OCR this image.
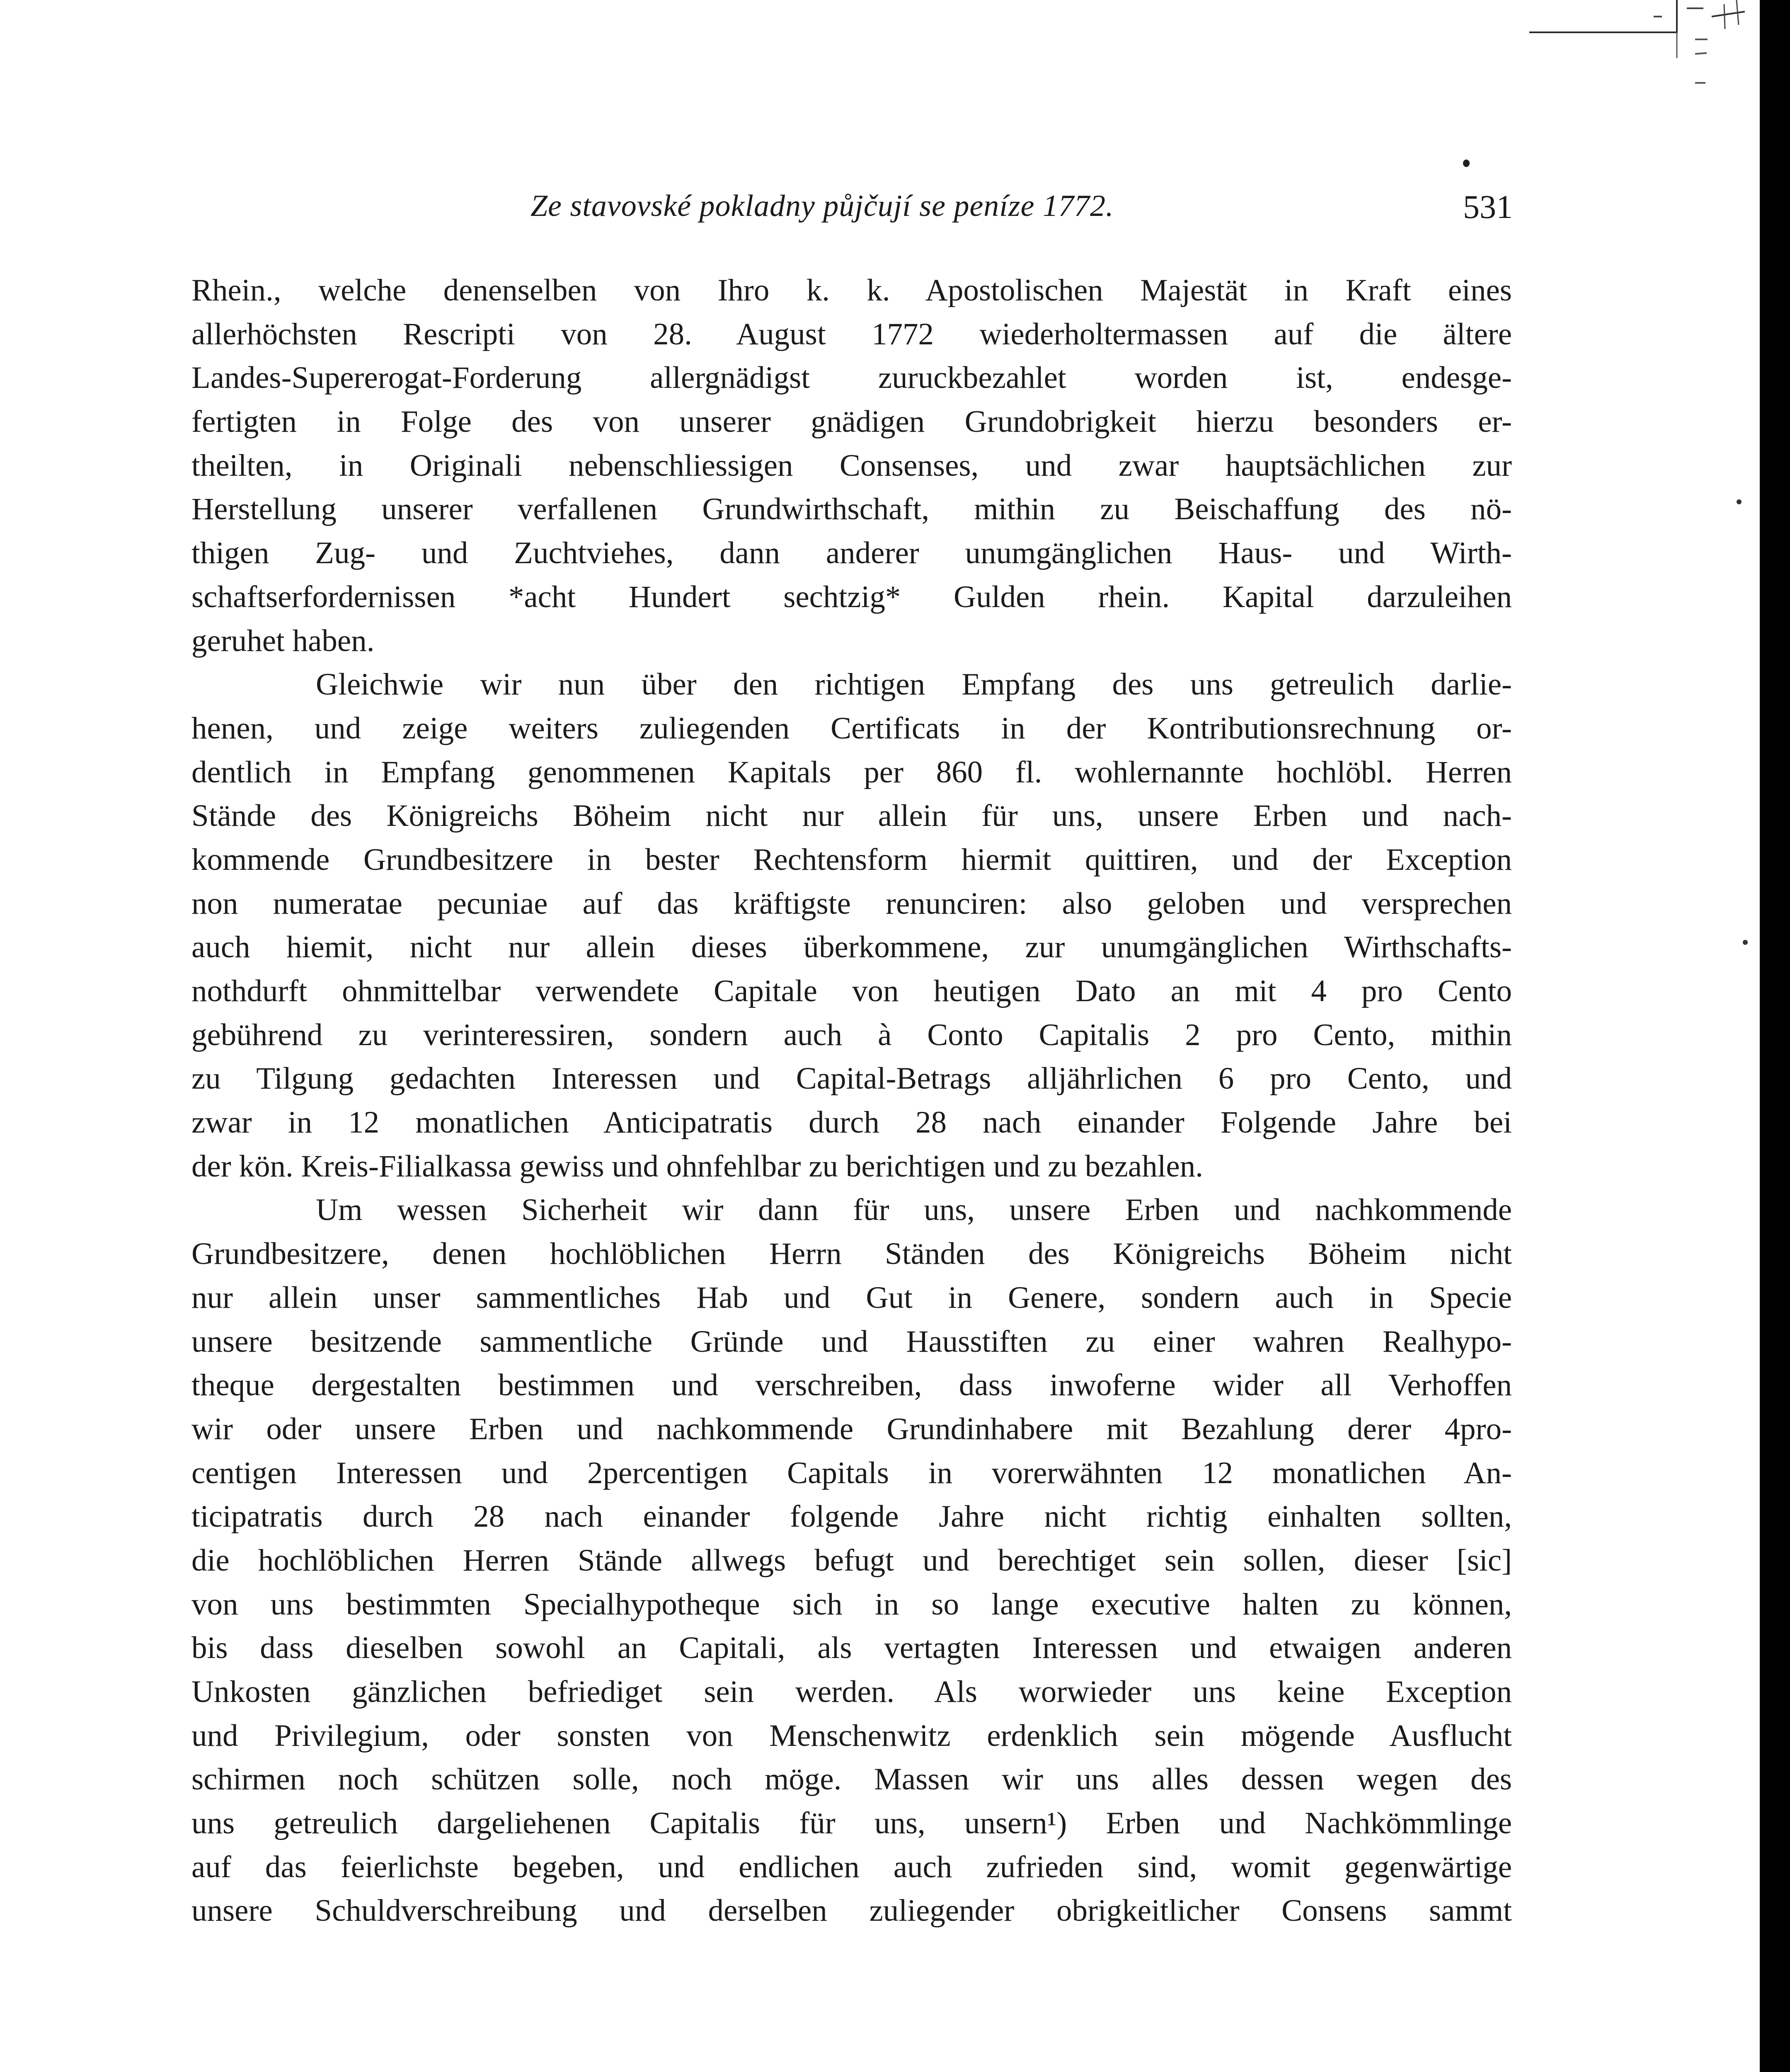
Ze stavovské pokladny půjčují se peníze 1772.	531
Rhein., welche denenselben von Ihro k. k. Apostolischen Majestät in Kraft eines
allerhöchsten Rescripti von 28. August 1772 wiederholtermassen auf die ältere
Landes-Supererogat-Forderung allergnädigst zuruckbezahlet worden ist, endesge-
fertigten in Folge des von unserer gnädigen Grundobrigkeit hierzu besonders er-
theilten, in Originali nebenschliessigen Consenses, und zwar hauptsächlichen zur
Herstellung unserer verfallenen Grundwirthschaft, mithin zu Beischaffung des nö-
thigen Zug- und Zuchtviehes, dann anderer unumgänglichen Haus- und Wirth-
schaftserfordernissen *acht Hundert sechtzig* Gulden rhein. Kapital darzuleihen
geruhet haben.
Gleichwie wir nun über den richtigen Empfang des uns getreulich darlie-
henen, und zeige weiters zuliegenden Certificats in der Kontributionsrechnung or-
dentlich in Empfang genommenen Kapitals per 860 fl. wohlernannte hochlöbl. Herren
Stände des Königreichs Böheim nicht nur allein für uns, unsere Erben und nach-
kommende Grundbesitzere in bester Rechtensform hiermit quittiren, und der Exception
non numeratae pecuniae auf das kräftigste renunciren: also geloben und versprechen
auch hiemit, nicht nur allein dieses überkommene, zur unumgänglichen Wirthschafts-
nothdurft ohnmittelbar verwendete Capitale von heutigen Dato an mit 4 pro Cento
gebührend zu verinteressiren, sondern auch à Conto Capitalis 2 pro Cento, mithin
zu Tilgung gedachten Interessen und Capital-Betrags alljährlichen 6 pro Cento, und
zwar in 12 monatlichen Anticipatratis durch 28 nach einander Folgende Jahre bei
der kön. Kreis-Filialkassa gewiss und ohnfehlbar zu berichtigen und zu bezahlen.
Um wessen Sicherheit wir dann für uns, unsere Erben und nachkommende
Grundbesitzere, denen hochlöblichen Herrn Ständen des Königreichs Böheim nicht
nur allein unser sammentliches Hab und Gut in Genere, sondern auch in Specie
unsere besitzende sammentliche Gründe und Hausstiften zu einer wahren Realhypo-
theque dergestalten bestimmen und verschreiben, dass inwoferne wider all Verhoffen
wir oder unsere Erben und nachkommende Grundinhabere mit Bezahlung derer 4pro-
centigen Interessen und 2percentigen Capitals in vorerwähnten 12 monatlichen An-
ticipatratis durch 28 nach einander folgende Jahre nicht richtig einhalten sollten,
die hochlöblichen Herren Stände allwegs befugt und berechtiget sein sollen, dieser [sic]
von uns bestimmten Specialhypotheque sich in so lange executive halten zu können,
bis dass dieselben sowohl an Capitali, als vertagten Interessen und etwaigen anderen
Unkosten gänzlichen befriediget sein werden. Als worwieder uns keine Exception
und Privilegium, oder sonsten von Menschenwitz erdenklich sein mögende Ausflucht
schirmen noch schützen solle, noch möge. Massen wir uns alles dessen wegen des
uns getreulich dargeliehenen Capitalis für uns, unsern¹) Erben und Nachkömmlinge
auf das feierlichste begeben, und endlichen auch zufrieden sind, womit gegenwärtige
unsere Schuldverschreibung und derselben zuliegender obrigkeitlicher Consens sammt
